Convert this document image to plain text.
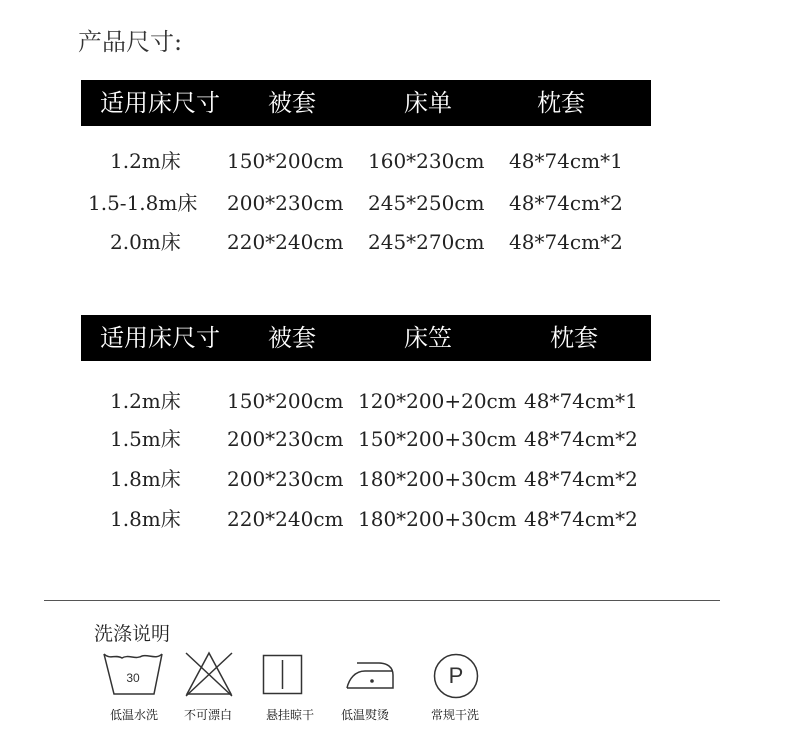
产品尺寸:
适用床尺寸 被套	床单	枕套
1.2m床 150*200cm 160*230cm 48*74cm*1
1.5-1.8m床 200*230cm 245*250cm 48*74cm*2
2.0m床 220*240cm 245*270cm 48*74cm*2
适用床尺寸 被套	床笠	枕套
1.2m床 150*200cm 120*200+20cm 48*74cm*1
1.5m床 200*230cm 150*200+30cm 48*74cm*2
1.8m床 200*230cm 180*200+30cm 48*74cm*2
1.8m床 220*240cm 180*200+30cm 48*74cm*2
洗涤说明
30
低温水洗 不可漂白	悬挂晾干 低温熨烫
P
常规干洗
